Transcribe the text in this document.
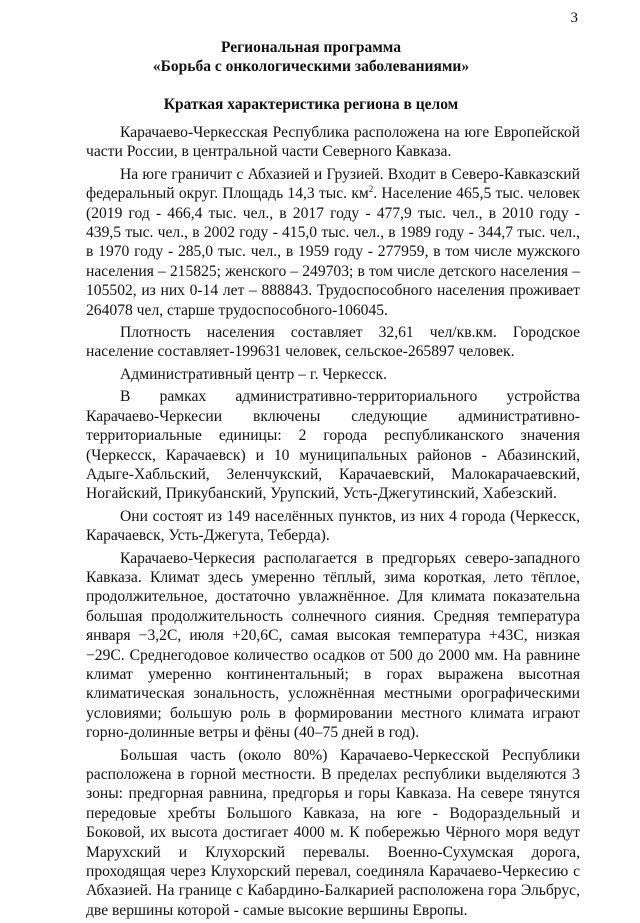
3
Региональная программа
«Борьба с онкологическими заболеваниями»
Краткая характеристика региона в целом

Карачаево-Черкесская Республика расположена на юге Европейской части России, в центральной части Северного Кавказа.

На юге граничит с Абхазией и Грузией. Входит в Северо-Кавказский федеральный округ. Площадь 14,3 тыс. $км^2$. Население 465,5 тыс. человек (2019 год - 466,4 тыс. чел., в 2017 году - 477,9 тыс. чел., в 2010 году - 439,5 тыс. чел., в 2002 году - 415,0 тыс. чел., в 1989 году - 344,7 тыс. чел., в 1970 году - 285,0 тыс. чел., в 1959 году - 277959, в том числе мужского населения – 215825; женского – 249703; в том числе детского населения – 105502, из них 0-14 лет – 888843. Трудоспособного населения проживает 264078 чел, старше трудоспособного-106045.

Плотность населения составляет 32,61 чел/кв.км. Городское население составляет-199631 человек, сельское-265897 человек.

Административный центр – г. Черкесск.

В рамках административно-территориального устройства Карачаево-Черкесии включены следующие административно-территориальные единицы: 2 города республиканского значения (Черкесск, Карачаевск) и 10 муниципальных районов - Абазинский, Адыге-Хабльский, Зеленчукский, Карачаевский, Малокарачаевский, Ногайский, Прикубанский, Урупский, Усть-Джегутинский, Хабезский.

Они состоят из 149 населённых пунктов, из них 4 города (Черкесск, Карачаевск, Усть-Джегута, Теберда).

Карачаево-Черкесия располагается в предгорьях северо-западного Кавказа. Климат здесь умеренно тёплый, зима короткая, лето тёплое, продолжительное, достаточно увлажнённое. Для климата показательна большая продолжительность солнечного сияния. Средняя температура января −3,2С, июля +20,6С, самая высокая температура +43С, низкая −29С. Среднегодовое количество осадков от 500 до 2000 мм. На равнине климат умеренно континентальный; в горах выражена высотная климатическая зональность, усложнённая местными орографическими условиями; большую роль в формировании местного климата играют горно-долинные ветры и фёны (40–75 дней в год).

Большая часть (около 80%) Карачаево-Черкесской Республики расположена в горной местности. В пределах республики выделяются 3 зоны: предгорная равнина, предгорья и горы Кавказа. На севере тянутся передовые хребты Большого Кавказа, на юге - Водораздельный и Боковой, их высота достигает 4000 м. К побережью Чёрного моря ведут Марухский и Клухорский перевалы. Военно-Сухумская дорога, проходящая через Клухорский перевал, соединяла Карачаево-Черкесию с Абхазией. На границе с Кабардино-Балкарией расположена гора Эльбрус, две вершины которой - самые высокие вершины Европы.
